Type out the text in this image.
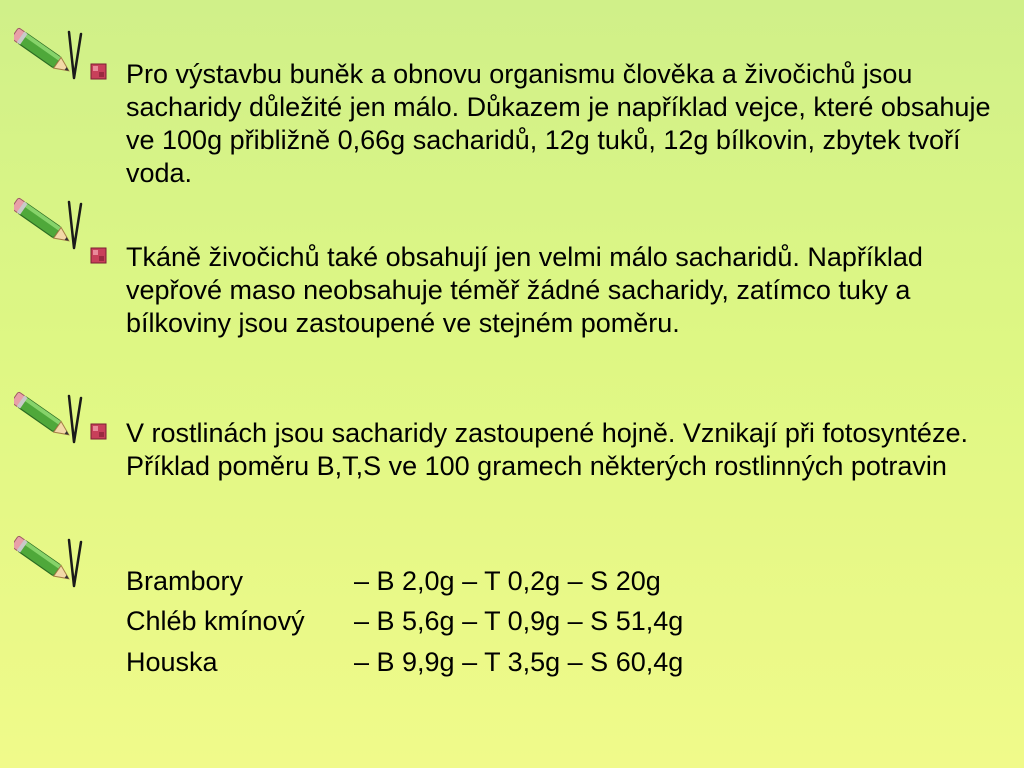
Pro výstavbu buněk a obnovu organismu člověka a živočichů jsou sacharidy důležité jen málo. Důkazem je například vejce, které obsahuje ve 100g přibližně 0,66g sacharidů, 12g tuků, 12g bílkovin, zbytek tvoří voda.

Tkáně živočichů také obsahují jen velmi málo sacharidů. Například vepřové maso neobsahuje téměř žádné sacharidy, zatímco tuky a bílkoviny jsou zastoupené ve stejném poměru.

V rostlinách jsou sacharidy zastoupené hojně. Vznikají při fotosyntéze. Příklad poměru B,T,S ve 100 gramech některých rostlinných potravin

Brambory	– B 2,0g – T 0,2g – S 20g
Chléb kmínový – B 5,6g – T 0,9g – S 51,4g
Houska	– B 9,9g – T 3,5g – S 60,4g
